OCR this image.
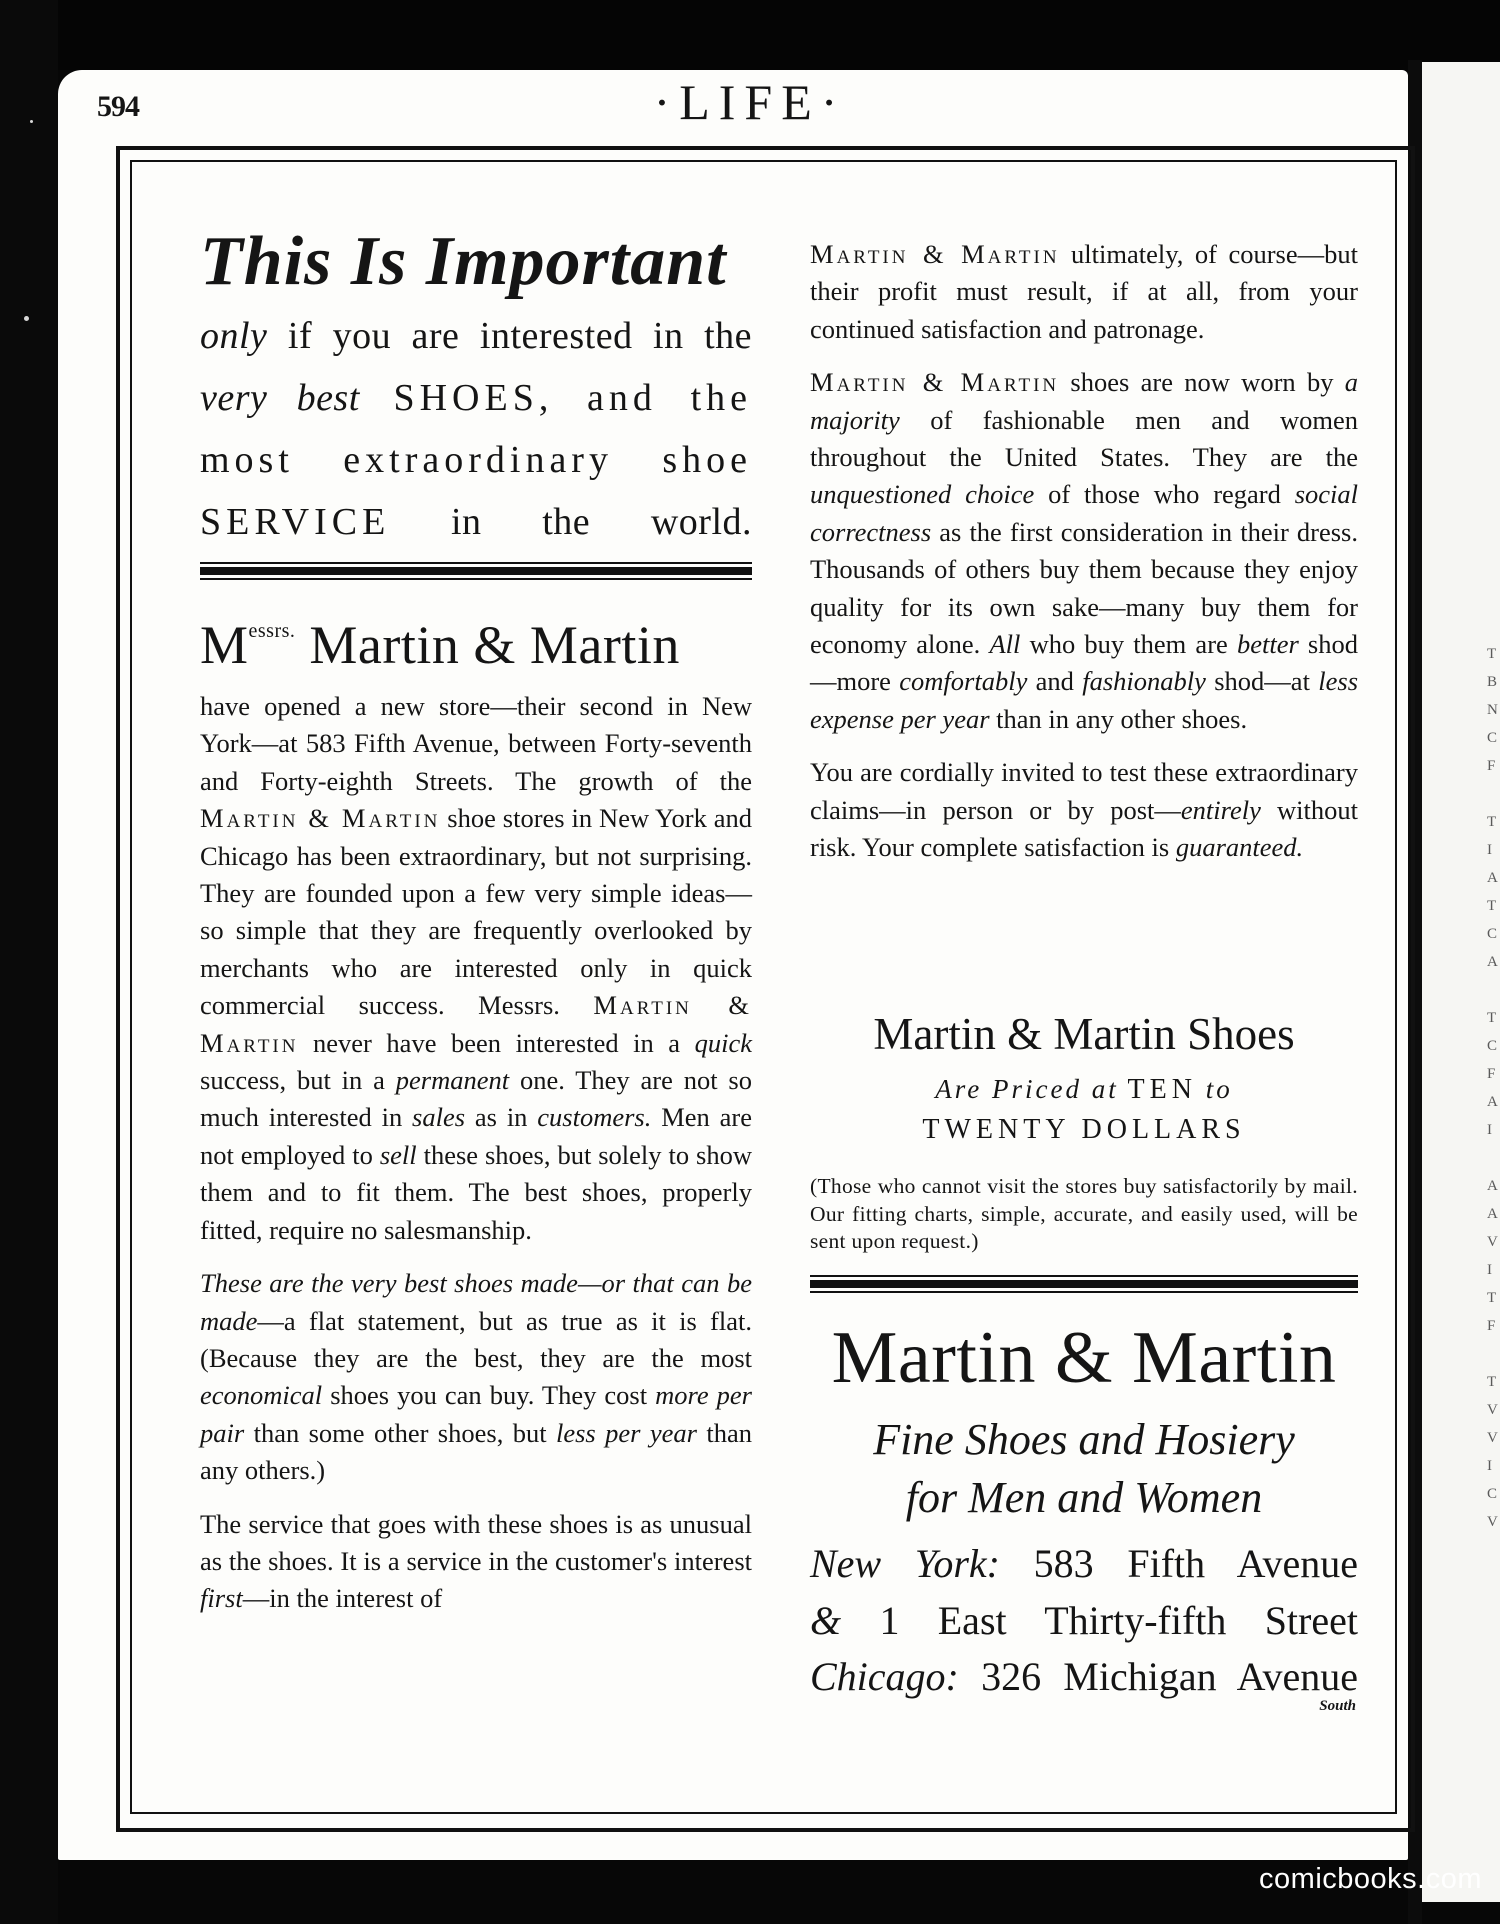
T
B
N
C
F

T
I
A
T
C
A

T
C
F
A
I

A
A
V
I
T
F

T
V
V
I
C
V
594	·LIFE·
This Is Important
only if you are interested in the very best SHOES, and the most extraordinary shoe SERVICE in the world.
$M^{essrs.}$ Martin & Martin

have opened a new store—their second in New York—at 583 Fifth Avenue, between Forty-seventh and Forty-eighth Streets. The growth of the Martin & Martin shoe stores in New York and Chicago has been extraordinary, but not surprising. They are founded upon a few very simple ideas—so simple that they are frequently overlooked by merchants who are interested only in quick commercial success. Messrs. Martin & Martin never have been interested in a quick success, but in a permanent one. They are not so much interested in sales as in customers. Men are not employed to sell these shoes, but solely to show them and to fit them. The best shoes, properly fitted, require no salesmanship.

These are the very best shoes made—or that can be made—a flat statement, but as true as it is flat. (Because they are the best, they are the most economical shoes you can buy. They cost more per pair than some other shoes, but less per year than any others.)

The service that goes with these shoes is as unusual as the shoes. It is a service in the customer's interest first—in the interest of

Martin & Martin ultimately, of course—but their profit must result, if at all, from your continued satisfaction and patronage.

Martin & Martin shoes are now worn by a majority of fashionable men and women throughout the United States. They are the unquestioned choice of those who regard social correctness as the first consideration in their dress. Thousands of others buy them because they enjoy quality for its own sake—many buy them for economy alone. All who buy them are better shod—more comfortably and fashionably shod—at less expense per year than in any other shoes.

You are cordially invited to test these extraordinary claims—in person or by post—entirely without risk. Your complete satisfaction is guaranteed.

Martin & Martin Shoes
Are Priced at TEN to
TWENTY DOLLARS
(Those who cannot visit the stores buy satisfactorily by mail. Our fitting charts, simple, accurate, and easily used, will be sent upon request.)
Martin & Martin
Fine Shoes and Hosiery
for Men and Women
New York: 583 Fifth Avenue
& 1 East Thirty-fifth Street
Chicago: 326 Michigan Avenue
South
comicbooks.com
